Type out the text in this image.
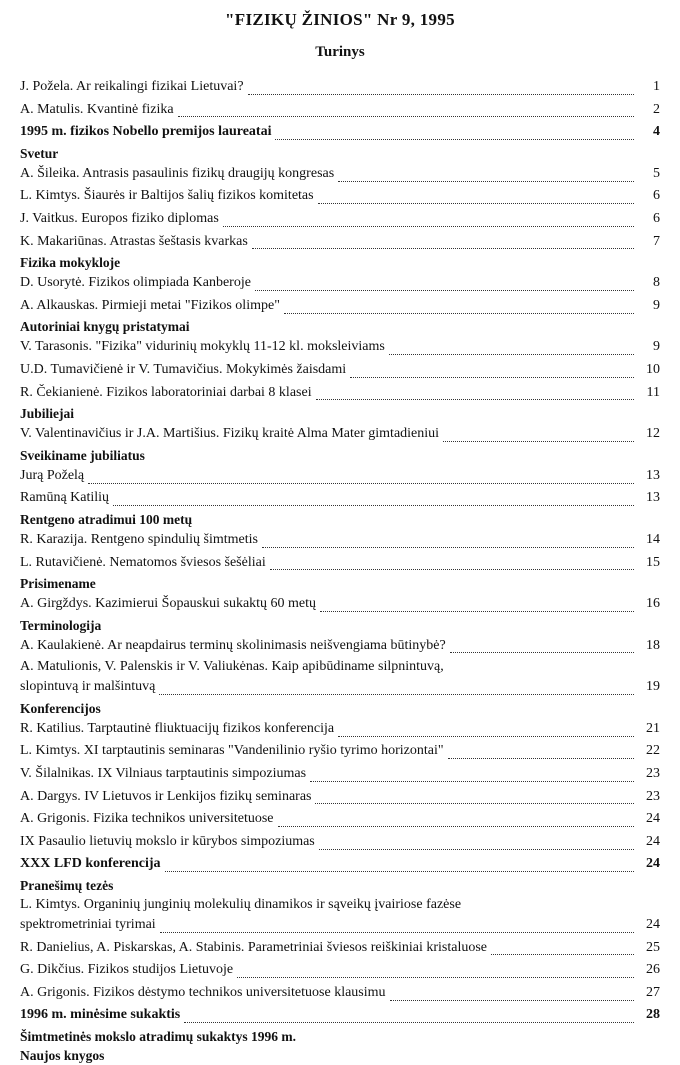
"FIZIKŲ ŽINIOS" Nr 9, 1995
Turinys
J. Požela. Ar reikalingi fizikai Lietuvai?	1
A. Matulis. Kvantinė fizika	2
1995 m. fizikos Nobello premijos laureatai	4
Svetur
A. Šileika. Antrasis pasaulinis fizikų draugijų kongresas	5
L. Kimtys. Šiaurės ir Baltijos šalių fizikos komitetas	6
J. Vaitkus. Europos fiziko diplomas	6
K. Makariūnas. Atrastas šeštasis kvarkas	7
Fizika mokykloje
D. Usorytė. Fizikos olimpiada Kanberoje	8
A. Alkauskas. Pirmieji metai "Fizikos olimpe"	9
Autoriniai knygų pristatymai
V. Tarasonis. "Fizika" vidurinių mokyklų 11-12 kl. moksleiviams	9
U.D. Tumavičienė ir V. Tumavičius. Mokykimės žaisdami	10
R. Čekianienė. Fizikos laboratoriniai darbai 8 klasei	11
Jubiliejai
V. Valentinavičius ir J.A. Martišius. Fizikų kraitė Alma Mater gimtadieniui	12
Sveikiname jubiliatus
Jurą Poželą	13
Ramūną Katilių	13
Rentgeno atradimui 100 metų
R. Karazija. Rentgeno spindulių šimtmetis	14
L. Rutavičienė. Nematomos šviesos šešėliai	15
Prisimename
A. Girgždys. Kazimierui Šopauskui sukaktų 60 metų	16
Terminologija
A. Kaulakienė. Ar neapdairus terminų skolinimasis neišvengiama būtinybė?	18
A. Matulionis, V. Palenskis ir V. Valiukėnas. Kaip apibūdiname silpnintuvą,
slopintuvą ir malšintuvą	19
Konferencijos
R. Katilius. Tarptautinė fliuktuacijų fizikos konferencija	21
L. Kimtys. XI tarptautinis seminaras "Vandenilinio ryšio tyrimo horizontai"	22
V. Šilalnikas. IX Vilniaus tarptautinis simpoziumas	23
A. Dargys. IV Lietuvos ir Lenkijos fizikų seminaras	23
A. Grigonis. Fizika technikos universitetuose	24
IX Pasaulio lietuvių mokslo ir kūrybos simpoziumas	24
XXX LFD konferencija	24
Pranešimų tezės
L. Kimtys. Organinių junginių molekulių dinamikos ir sąveikų įvairiose fazėse
spektrometriniai tyrimai	24
R. Danielius, A. Piskarskas, A. Stabinis. Parametriniai šviesos reiškiniai kristaluose	25
G. Dikčius. Fizikos studijos Lietuvoje	26
A. Grigonis. Fizikos dėstymo technikos universitetuose klausimu	27
1996 m. minėsime sukaktis	28
Šimtmetinės mokslo atradimų sukaktys 1996 m.
Naujos knygos
